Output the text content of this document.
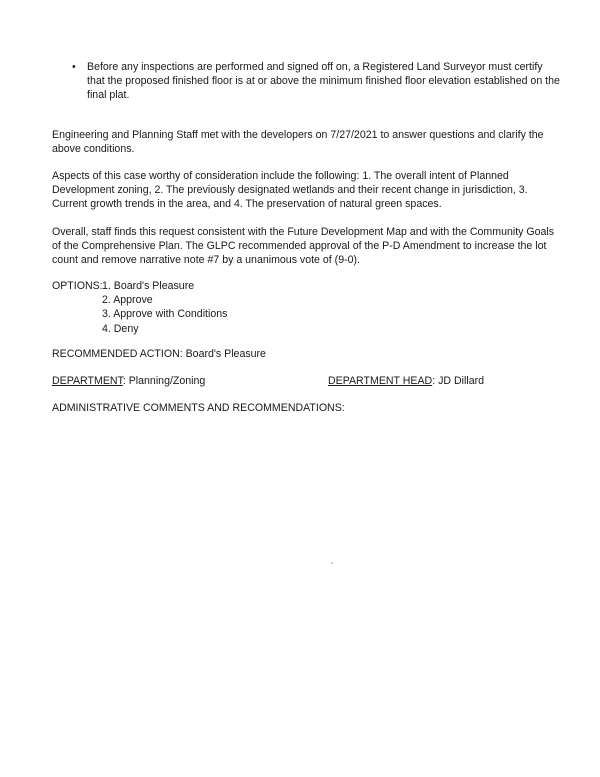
•	Before any inspections are performed and signed off on, a Registered Land Surveyor must certify that the proposed finished floor is at or above the minimum finished floor elevation established on the final plat.
Engineering and Planning Staff met with the developers on 7/27/2021 to answer questions and clarify the above conditions.
Aspects of this case worthy of consideration include the following: 1. The overall intent of Planned Development zoning, 2. The previously designated wetlands and their recent change in jurisdiction, 3. Current growth trends in the area, and 4. The preservation of natural green spaces.
Overall, staff finds this request consistent with the Future Development Map and with the Community Goals of the Comprehensive Plan. The GLPC recommended approval of the P-D Amendment to increase the lot count and remove narrative note #7 by a unanimous vote of (9-0).
OPTIONS: 1. Board's Pleasure
2. Approve
3. Approve with Conditions
4. Deny
RECOMMENDED ACTION: Board's Pleasure
DEPARTMENT: Planning/Zoning	DEPARTMENT HEAD: JD Dillard
ADMINISTRATIVE COMMENTS AND RECOMMENDATIONS:
